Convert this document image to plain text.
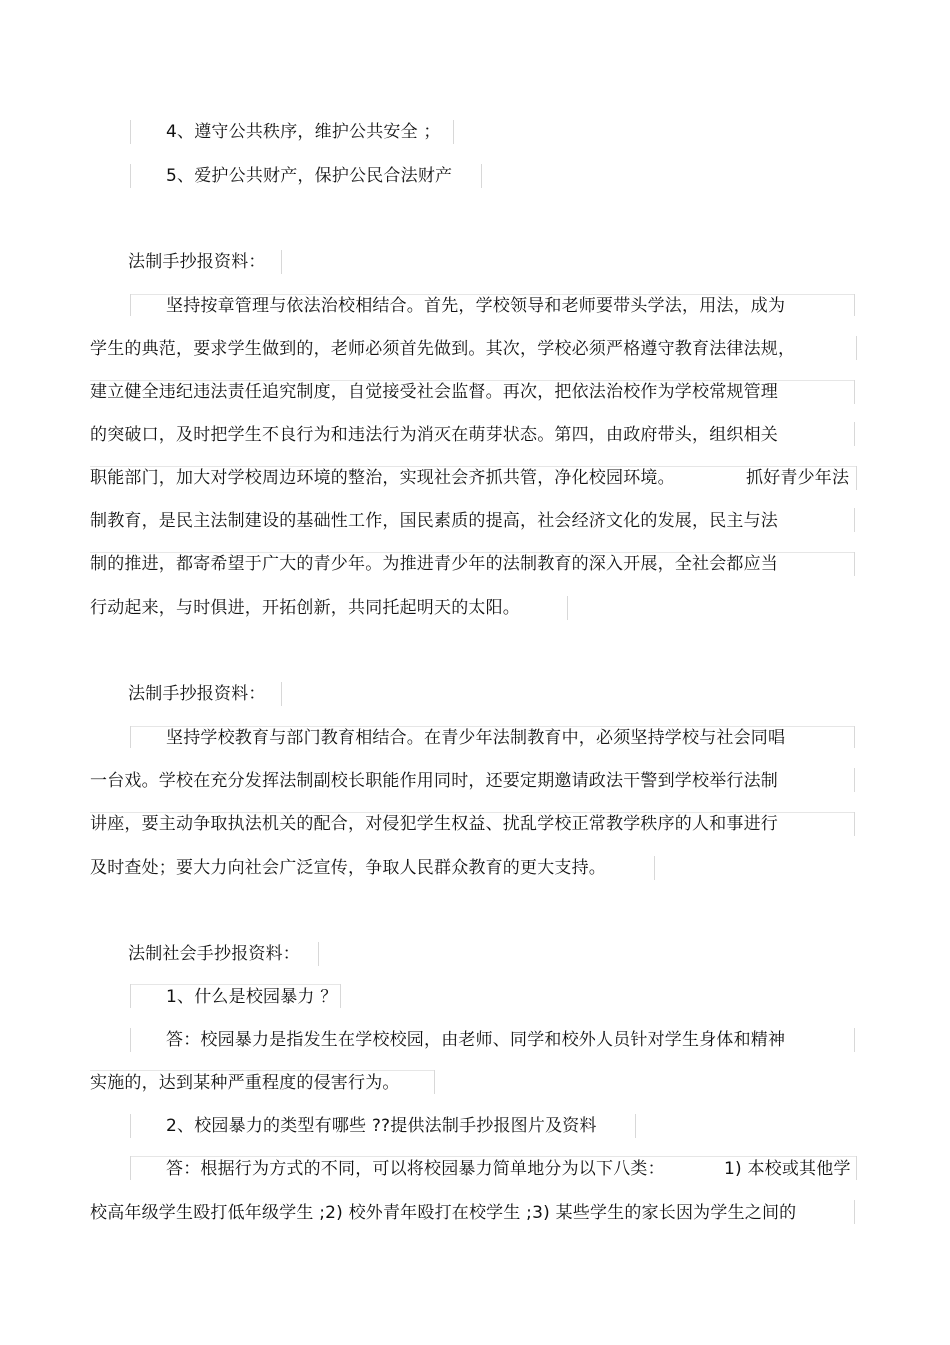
4、遵守公共秩序，维护公共安全 ；
5、爱护公共财产，保护公民合法财产
法制手抄报资料：
坚持按章管理与依法治校相结合。首先，学校领导和老师要带头学法，用法，成为
学生的典范，要求学生做到的，老师必须首先做到。其次，学校必须严格遵守教育法律法规，
建立健全违纪违法责任追究制度，自觉接受社会监督。再次，把依法治校作为学校常规管理
的突破口，及时把学生不良行为和违法行为消灭在萌芽状态。第四，由政府带头，组织相关
职能部门，加大对学校周边环境的整治，实现社会齐抓共管，净化校园环境。	抓好青少年法
制教育，是民主法制建设的基础性工作，国民素质的提高，社会经济文化的发展，民主与法
制的推进，都寄希望于广大的青少年。为推进青少年的法制教育的深入开展，全社会都应当
行动起来，与时俱进，开拓创新，共同托起明天的太阳。
法制手抄报资料：
坚持学校教育与部门教育相结合。在青少年法制教育中，必须坚持学校与社会同唱
一台戏。学校在充分发挥法制副校长职能作用同时，还要定期邀请政法干警到学校举行法制
讲座，要主动争取执法机关的配合，对侵犯学生权益、扰乱学校正常教学秩序的人和事进行
及时查处；要大力向社会广泛宣传，争取人民群众教育的更大支持。
法制社会手抄报资料：
1、什么是校园暴力 ？
答：校园暴力是指发生在学校校园，由老师、同学和校外人员针对学生身体和精神
实施的，达到某种严重程度的侵害行为。
2、校园暴力的类型有哪些 ??提供法制手抄报图片及资料
答：根据行为方式的不同，可以将校园暴力简单地分为以下八类：	1) 本校或其他学
校高年级学生殴打低年级学生 ;2) 校外青年殴打在校学生 ;3) 某些学生的家长因为学生之间的
